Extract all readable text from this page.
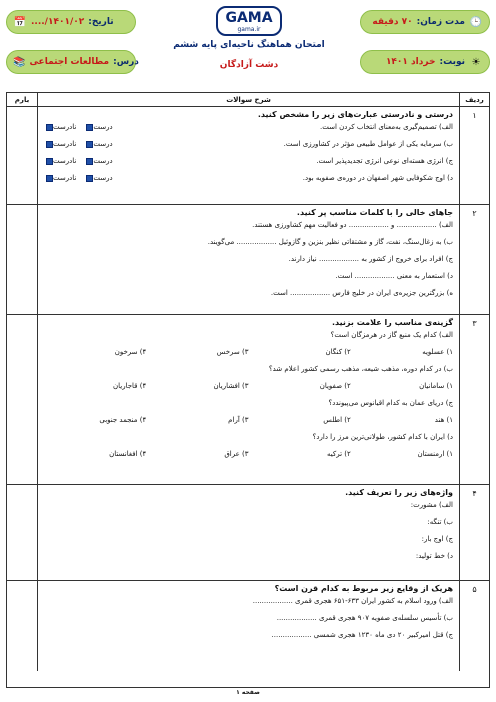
🕒
مدت زمان:
۷۰ دقیقه
☀
نوبت:
خرداد ۱۴۰۱
GAMA
gama.ir
امتحان هماهنگ ناحیه‌ای پایه ششم
دشت آزادگان
📅 ۱۴۰۱/۰۲/.... تاریخ:
📚 مطالعات اجتماعی درس:
ردیف
شرح سوالات
بارم
۱
درستی و نادرستی عبارت‌های زیر را مشخص کنید.
الف) تصمیم‌گیری به‌معنای انتخاب کردن است.
درست
نادرست
ب) سرمایه یکی از عوامل طبیعی مؤثر در کشاورزی است.
درست
نادرست
ج) انرژی هسته‌ای نوعی انرژی تجدیدپذیر است.
درست
نادرست
د) اوج شکوفایی شهر اصفهان در دوره‌ی صفویه بود.
درست
نادرست
۲
جاهای خالی را با کلمات مناسب پر کنید.
الف) .................. و .................. دو فعالیت مهم کشاورزی هستند.
ب) به زغال‌سنگ، نفت، گاز و مشتقاتی نظیر بنزین و گازوئیل .................. می‌گویند.
ج) افراد برای خروج از کشور به .................. نیاز دارند.
د) استعمار به معنی .................. است.
ه) بزرگترین جزیره‌ی ایران در خلیج فارس .................. است.
۳
گزینه‌ی مناسب را علامت بزنید.
الف) کدام یک منبع گاز در هرمزگان است؟
۱) عسلویه
۲) کنگان
۳) سرخس
۴) سرخون
ب) در کدام دوره، مذهب شیعه، مذهب رسمی کشور اعلام شد؟
۱) سامانیان
۲) صفویان
۳) افشاریان
۴) قاجاریان
ج) دریای عمان به کدام اقیانوس می‌پیوندد؟
۱) هند
۲) اطلس
۳) آرام
۴) منجمد جنوبی
د) ایران با کدام کشور، طولانی‌ترین مرز را دارد؟
۱) ارمنستان
۲) ترکیه
۳) عراق
۴) افغانستان
۴
واژه‌های زیر را تعریف کنید.
الف) مشورت:
ب) تنگه:
ج) اوج بار:
د) خط تولید:
۵
هریک از وقایع زیر مربوط به کدام قرن است؟
الف) ورود اسلام به کشور ایران ۶۳۳-۶۵۱ هجری قمری ..................
ب) تأسیس سلسله‌ی صفویه ۹۰۷ هجری قمری ..................
ج) قتل امیرکبیر ۲۰ دی ماه ۱۲۳۰ هجری شمسی ..................
صفحه ۱
